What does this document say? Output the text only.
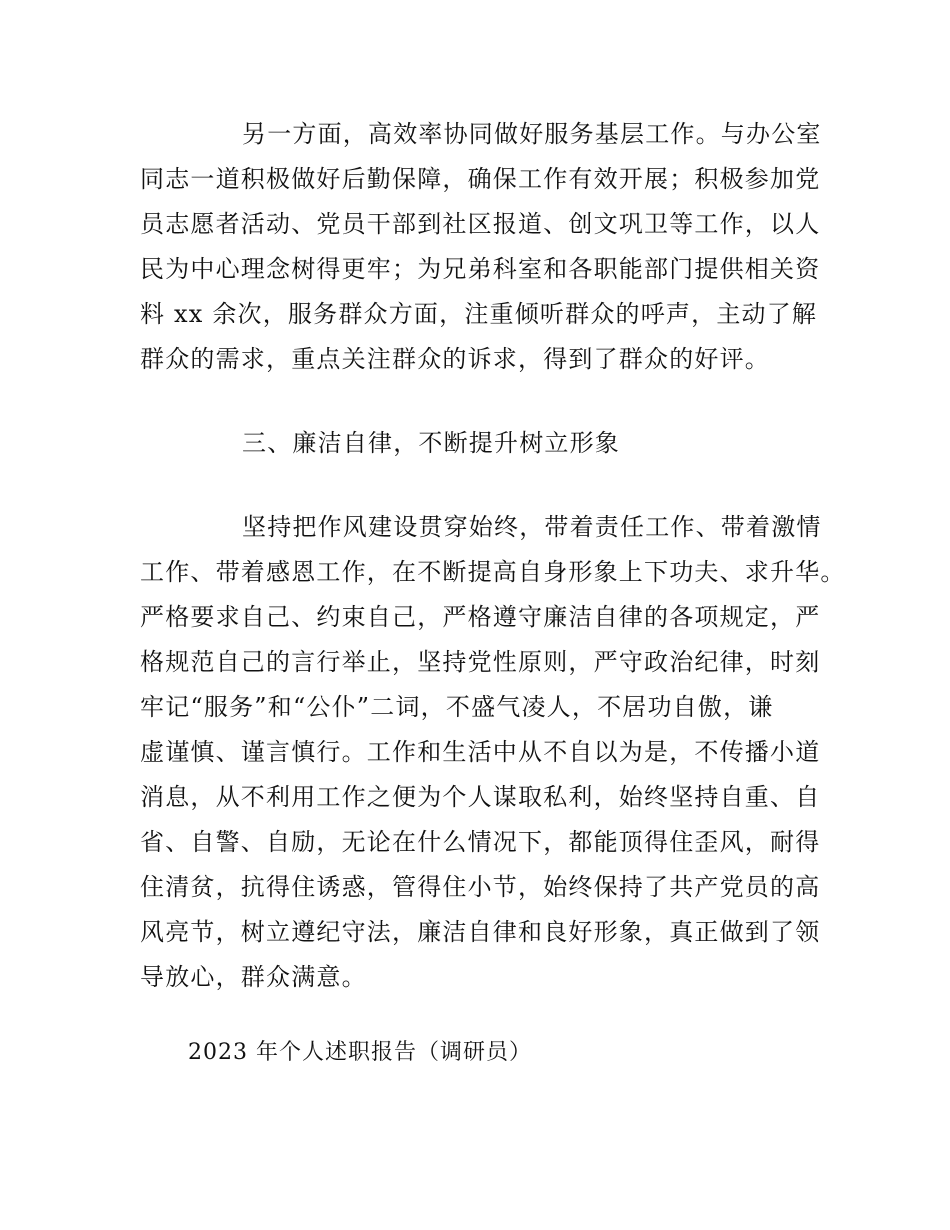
另一方面，高效率协同做好服务基层工作。与办公室
同志一道积极做好后勤保障，确保工作有效开展；积极参加党
员志愿者活动、党员干部到社区报道、创文巩卫等工作，以人
民为中心理念树得更牢；为兄弟科室和各职能部门提供相关资
料 xx 余次，服务群众方面，注重倾听群众的呼声，主动了解
群众的需求，重点关注群众的诉求，得到了群众的好评。

三、廉洁自律，不断提升树立形象

坚持把作风建设贯穿始终，带着责任工作、带着激情
工作、带着感恩工作，在不断提高自身形象上下功夫、求升华。
严格要求自己、约束自己，严格遵守廉洁自律的各项规定，严
格规范自己的言行举止，坚持党性原则，严守政治纪律，时刻
牢记“服务”和“公仆”二词，不盛气凌人，不居功自傲，谦
虚谨慎、谨言慎行。工作和生活中从不自以为是，不传播小道
消息，从不利用工作之便为个人谋取私利，始终坚持自重、自
省、自警、自励，无论在什么情况下，都能顶得住歪风，耐得
住清贫，抗得住诱惑，管得住小节，始终保持了共产党员的高
风亮节，树立遵纪守法，廉洁自律和良好形象，真正做到了领
导放心，群众满意。

2023 年个人述职报告（调研员）
